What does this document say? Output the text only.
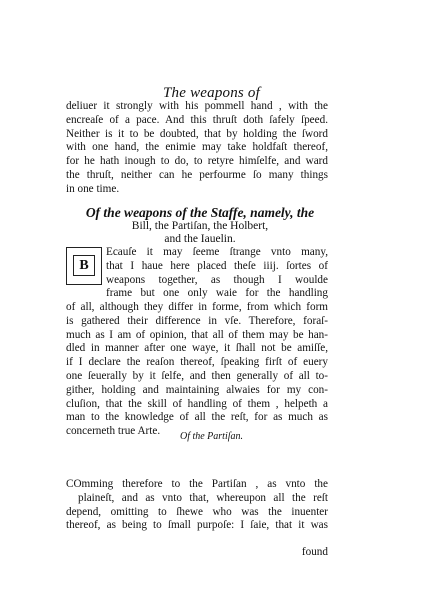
The weapons of
deliuer it strongly with his pommell hand , with the
encreaſe of a pace. And this thruſt doth ſafely ſpeed.
Neither is it to be doubted, that by holding the ſword
with one hand, the enimie may take holdfaſt thereof,
for he hath inough to do, to retyre himſelfe, and ward
the thruſt, neither can he perfourme ſo many things
in one time.
Of the weapons of the Staffe, namely, the
Bill, the Partiſan, the Holbert,
and the Iauelin.
B
Ecauſe it may ſeeme ſtrange vnto many,
that I haue here placed theſe iiij. ſortes of
weapons together, as though I woulde
frame but one only waie for the handling
of all, although they differ in forme, from which form
is gathered their difference in vſe. Therefore, foraſ-
much as I am of opinion, that all of them may be han-
dled in manner after one waye, it ſhall not be amiſſe,
if I declare the reaſon thereof, ſpeaking firſt of euery
one ſeuerally by it ſelfe, and then generally of all to-
gither, holding and maintaining alwaies for my con-
cluſion, that the skill of handling of them , helpeth a
man to the knowledge of all the reſt, for as much as
concerneth true Arte.	Of the Partiſan.
COmming therefore to the Partiſan , as vnto the
plaineſt, and as vnto that, whereupon all the reſt
depend, omitting to ſhewe who was the inuenter
thereof, as being to ſmall purpoſe: I ſaie, that it was
found
